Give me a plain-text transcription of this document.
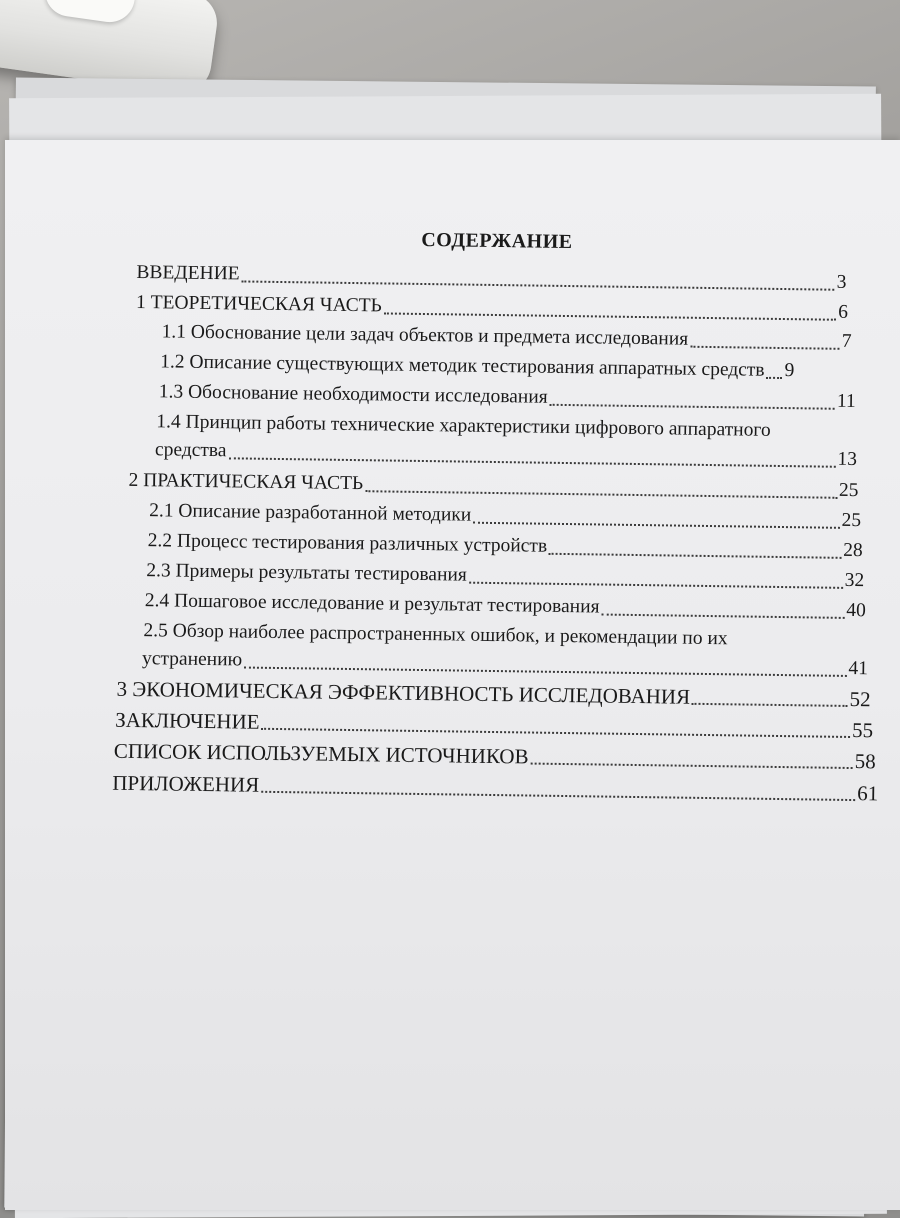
СОДЕРЖАНИЕ
ВВЕДЕНИЕ	3
1 ТЕОРЕТИЧЕСКАЯ ЧАСТЬ	6
1.1 Обоснование цели задач объектов и предмета исследования	7
1.2 Описание существующих методик тестирования аппаратных средств 9
1.3 Обоснование необходимости исследования	11
1.4 Принцип работы технические характеристики цифрового аппаратного
средства	13
2 ПРАКТИЧЕСКАЯ ЧАСТЬ	25
2.1 Описание разработанной методики	25
2.2 Процесс тестирования различных устройств	28
2.3 Примеры результаты тестирования	32
2.4 Пошаговое исследование и результат тестирования	40
2.5 Обзор наиболее распространенных ошибок, и рекомендации по их
устранению	41
3 ЭКОНОМИЧЕСКАЯ ЭФФЕКТИВНОСТЬ ИССЛЕДОВАНИЯ	52
ЗАКЛЮЧЕНИЕ	55
СПИСОК ИСПОЛЬЗУЕМЫХ ИСТОЧНИКОВ	58
ПРИЛОЖЕНИЯ	61
